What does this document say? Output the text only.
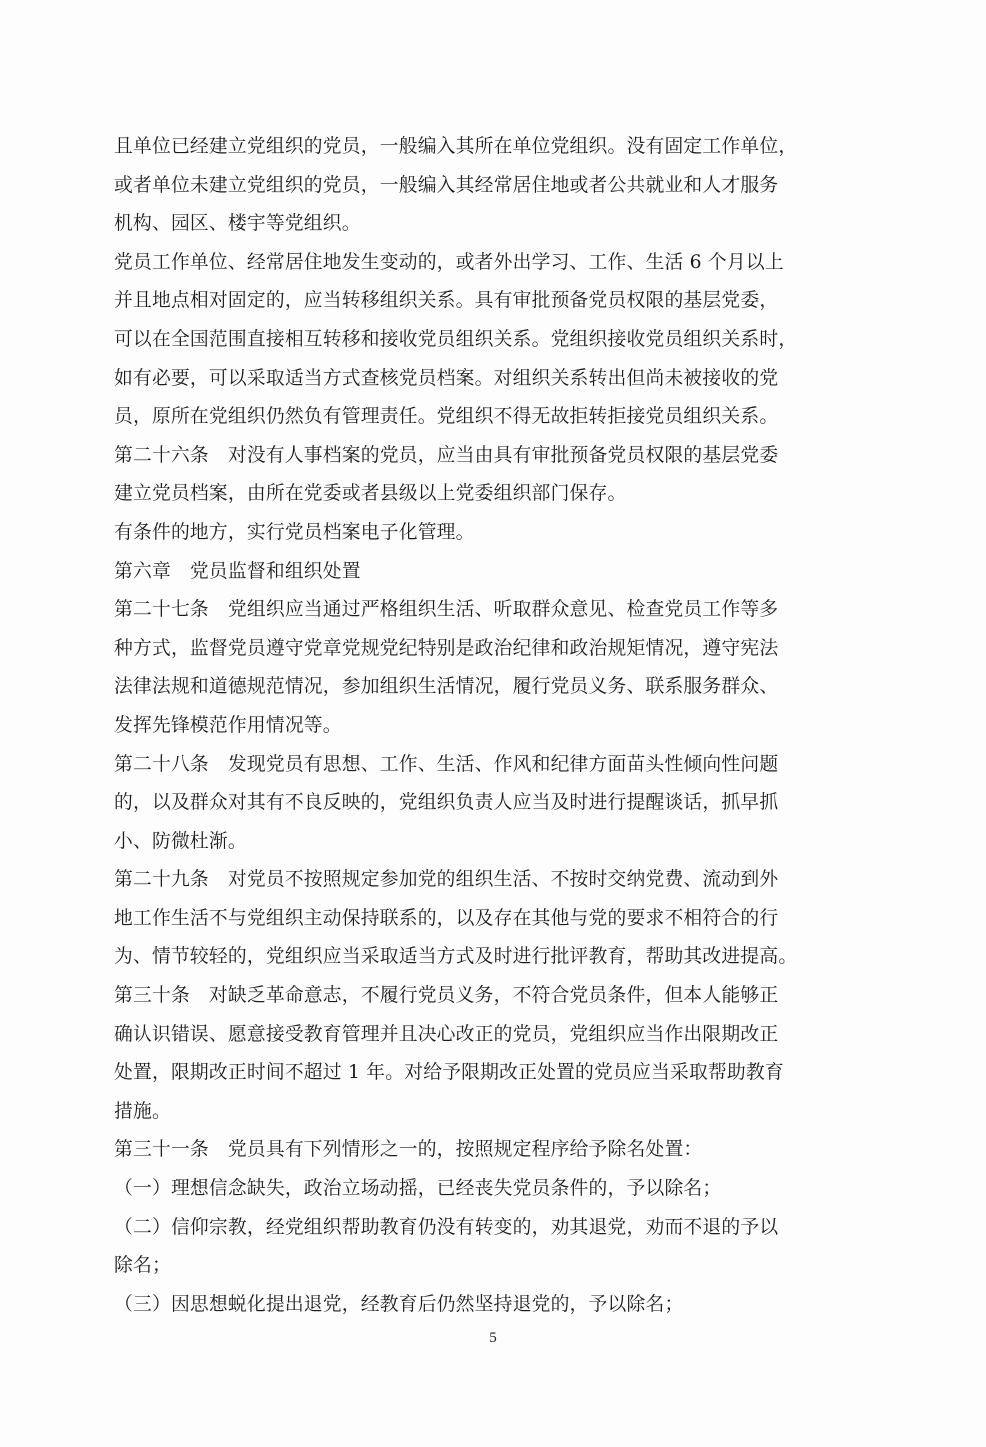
且单位已经建立党组织的党员，一般编入其所在单位党组织。没有固定工作单位，
或者单位未建立党组织的党员，一般编入其经常居住地或者公共就业和人才服务
机构、园区、楼宇等党组织。
党员工作单位、经常居住地发生变动的，或者外出学习、工作、生活 6 个月以上
并且地点相对固定的，应当转移组织关系。具有审批预备党员权限的基层党委，
可以在全国范围直接相互转移和接收党员组织关系。党组织接收党员组织关系时，
如有必要，可以采取适当方式查核党员档案。对组织关系转出但尚未被接收的党
员，原所在党组织仍然负有管理责任。党组织不得无故拒转拒接党员组织关系。
第二十六条　对没有人事档案的党员，应当由具有审批预备党员权限的基层党委
建立党员档案，由所在党委或者县级以上党委组织部门保存。
有条件的地方，实行党员档案电子化管理。
第六章　党员监督和组织处置
第二十七条　党组织应当通过严格组织生活、听取群众意见、检查党员工作等多
种方式，监督党员遵守党章党规党纪特别是政治纪律和政治规矩情况，遵守宪法
法律法规和道德规范情况，参加组织生活情况，履行党员义务、联系服务群众、
发挥先锋模范作用情况等。
第二十八条　发现党员有思想、工作、生活、作风和纪律方面苗头性倾向性问题
的，以及群众对其有不良反映的，党组织负责人应当及时进行提醒谈话，抓早抓
小、防微杜渐。
第二十九条　对党员不按照规定参加党的组织生活、不按时交纳党费、流动到外
地工作生活不与党组织主动保持联系的，以及存在其他与党的要求不相符合的行
为、情节较轻的，党组织应当采取适当方式及时进行批评教育，帮助其改进提高。
第三十条　对缺乏革命意志，不履行党员义务，不符合党员条件，但本人能够正
确认识错误、愿意接受教育管理并且决心改正的党员，党组织应当作出限期改正
处置，限期改正时间不超过 1 年。对给予限期改正处置的党员应当采取帮助教育
措施。
第三十一条　党员具有下列情形之一的，按照规定程序给予除名处置：
（一）理想信念缺失，政治立场动摇，已经丧失党员条件的，予以除名；
（二）信仰宗教，经党组织帮助教育仍没有转变的，劝其退党，劝而不退的予以
除名；
（三）因思想蜕化提出退党，经教育后仍然坚持退党的，予以除名；
5
